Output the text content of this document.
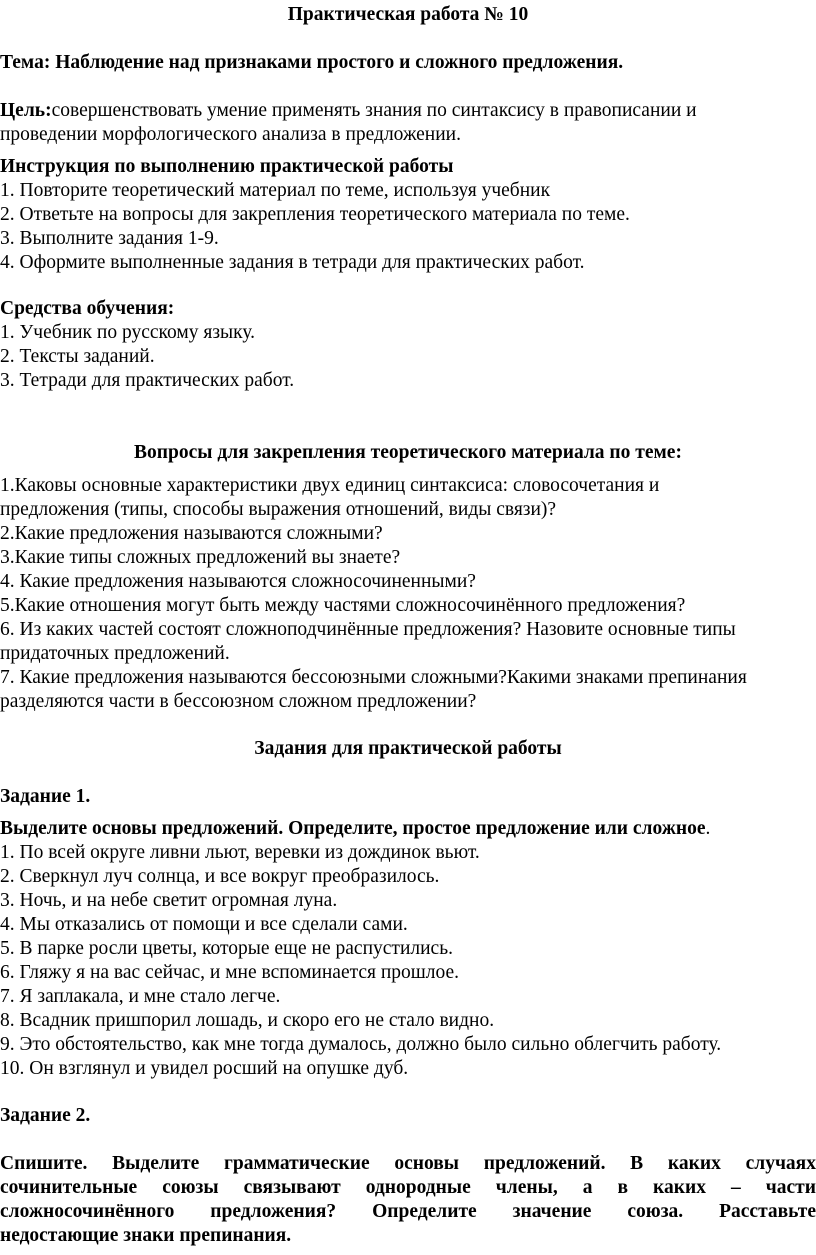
Практическая работа № 10
Тема: Наблюдение над признаками простого и сложного предложения.
Цель:совершенствовать умение применять знания по синтаксису в правописании и
проведении морфологического анализа в предложении.
Инструкция по выполнению практической работы
1. Повторите теоретический материал по теме, используя учебник
2. Ответьте на вопросы для закрепления теоретического материала по теме.
3. Выполните задания 1-9.
4. Оформите выполненные задания в тетради для практических работ.
Средства обучения:
1. Учебник по русскому языку.
2. Тексты заданий.
3. Тетради для практических работ.
Вопросы для закрепления теоретического материала по теме:
1.Каковы основные характеристики двух единиц синтаксиса: словосочетания и
предложения (типы, способы выражения отношений, виды связи)?
2.Какие предложения называются сложными?
3.Какие типы сложных предложений вы знаете?
4. Какие предложения называются сложносочиненными?
5.Какие отношения могут быть между частями сложносочинённого предложения?
6. Из каких частей состоят сложноподчинённые предложения? Назовите основные типы
придаточных предложений.
7. Какие предложения называются бессоюзными сложными?Какими знаками препинания
разделяются части в бессоюзном сложном предложении?
Задания для практической работы
Задание 1.
Выделите основы предложений. Определите, простое предложение или сложное.
1. По всей округе ливни льют, веревки из дождинок вьют.
2. Сверкнул луч солнца, и все вокруг преобразилось.
3. Ночь, и на небе светит огромная луна.
4. Мы отказались от помощи и все сделали сами.
5. В парке росли цветы, которые еще не распустились.
6. Гляжу я на вас сейчас, и мне вспоминается прошлое.
7. Я заплакала, и мне стало легче.
8. Всадник пришпорил лошадь, и скоро его не стало видно.
9. Это обстоятельство, как мне тогда думалось, должно было сильно облегчить работу.
10. Он взглянул и увидел росший на опушке дуб.
Задание 2.
Спишите. Выделите грамматические основы предложений. В каких случаях
сочинительные союзы связывают однородные члены, а в каких – части
сложносочинённого предложения? Определите значение союза. Расставьте
недостающие знаки препинания.
